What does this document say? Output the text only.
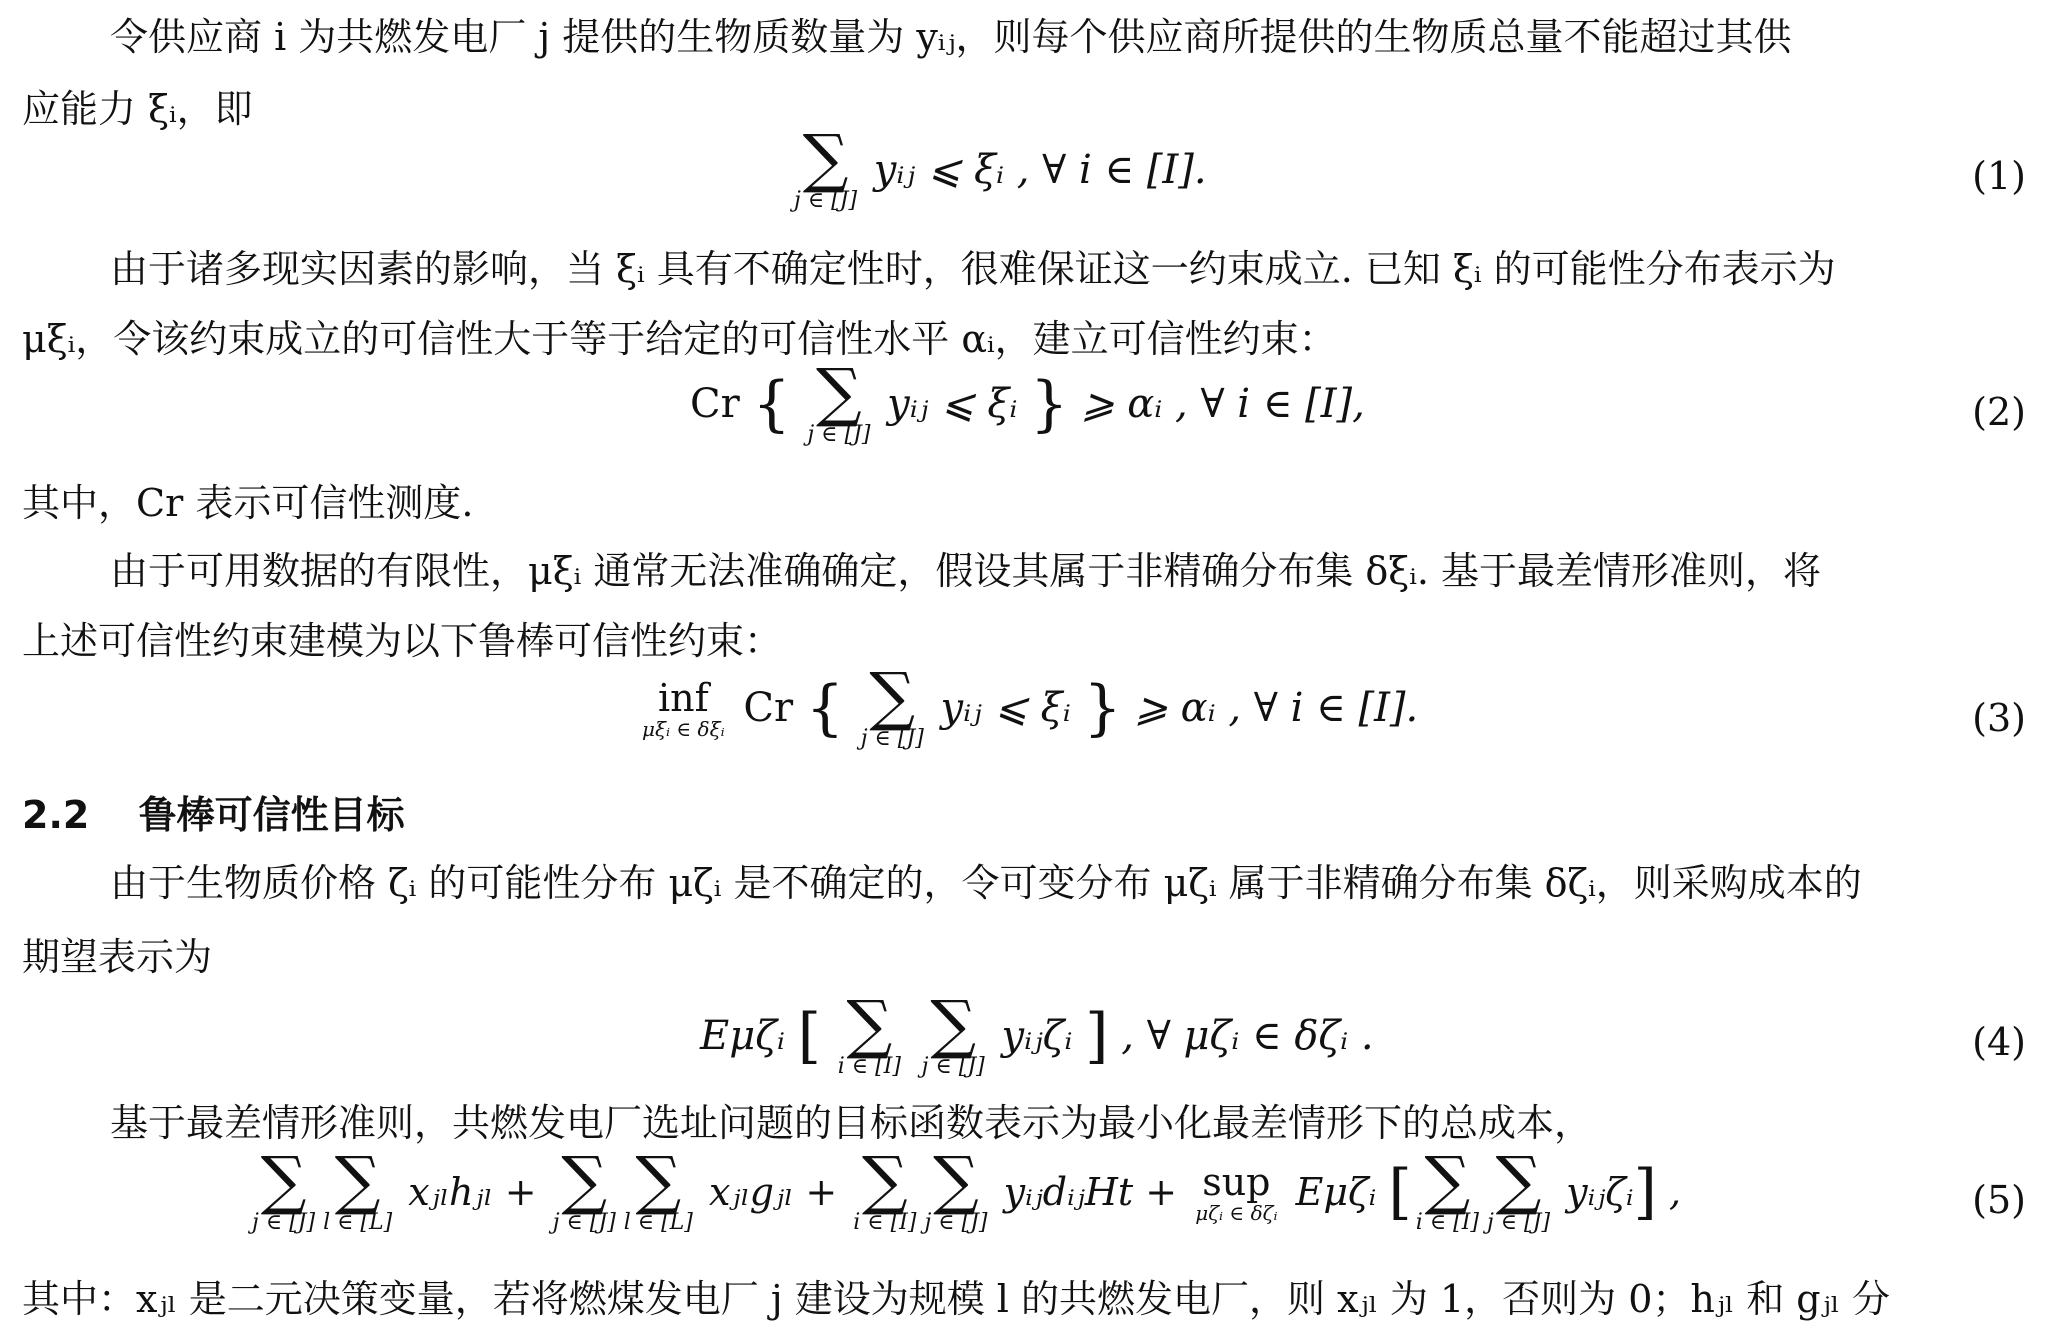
令供应商 i 为共燃发电厂 j 提供的生物质数量为 yᵢⱼ，则每个供应商所提供的生物质总量不能超过其供
应能力 ξᵢ，即
∑
j ∈ [J]
yᵢⱼ ⩽ ξᵢ , ∀ i ∈ [I].	(1)
由于诸多现实因素的影响，当 ξᵢ 具有不确定性时，很难保证这一约束成立. 已知 ξᵢ 的可能性分布表示为
μξᵢ，令该约束成立的可信性大于等于给定的可信性水平 αᵢ，建立可信性约束：
Cr { ∑
j ∈ [J]
yᵢⱼ ⩽ ξᵢ } ⩾ αᵢ , ∀ i ∈ [I],	(2)
其中，Cr 表示可信性测度.
由于可用数据的有限性，μξᵢ 通常无法准确确定，假设其属于非精确分布集 δξᵢ. 基于最差情形准则，将
上述可信性约束建模为以下鲁棒可信性约束：
inf
μξᵢ ∈ δξᵢ Cr { ∑
j ∈ [J]
yᵢⱼ ⩽ ξᵢ } ⩾ αᵢ , ∀ i ∈ [I].	(3)
2.2 鲁棒可信性目标
由于生物质价格 ζᵢ 的可能性分布 μζᵢ 是不确定的，令可变分布 μζᵢ 属于非精确分布集 δζᵢ，则采购成本的
期望表示为
Eμζᵢ [ ∑
i ∈ [I]

∑
j ∈ [J]
yᵢⱼζᵢ ] , ∀ μζᵢ ∈ δζᵢ .	(4)
基于最差情形准则，共燃发电厂选址问题的目标函数表示为最小化最差情形下的总成本，
∑
j ∈ [J]
∑
l ∈ [L]
xⱼₗhⱼₗ + ∑
j ∈ [J]
∑
l ∈ [L]
xⱼₗgⱼₗ + ∑
i ∈ [I]
∑
j ∈ [J]
yᵢⱼdᵢⱼHt + sup
μζᵢ ∈ δζᵢ Eμζᵢ [ ∑
i ∈ [I]
∑
j ∈ [J]
yᵢⱼζᵢ] ,	(5)
其中：xⱼₗ 是二元决策变量，若将燃煤发电厂 j 建设为规模 l 的共燃发电厂，则 xⱼₗ 为 1，否则为 0；hⱼₗ 和 gⱼₗ 分
